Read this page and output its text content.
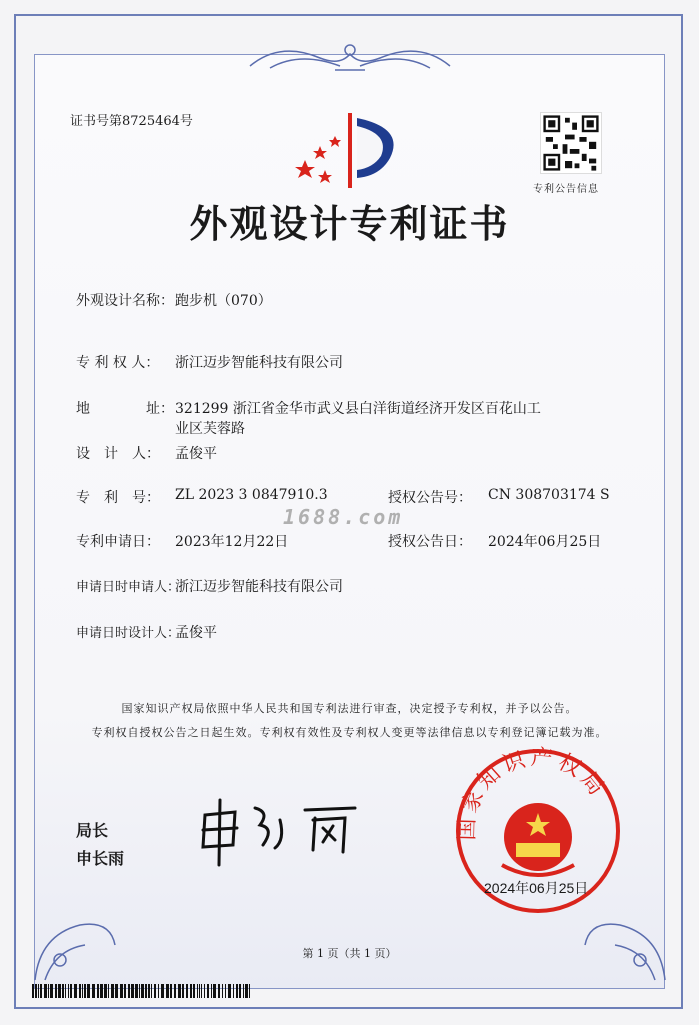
证书号第8725464号
专利公告信息
外观设计专利证书
外观设计名称： 跑步机（070）
专 利 权 人： 浙江迈步智能科技有限公司
地	址： 321299 浙江省金华市武义县白洋街道经济开发区百花山工
业区芙蓉路
设　计　人： 孟俊平
专　利　号： ZL 2023 3 0847910.3	授权公告号： CN 308703174 S
1688.com
专利申请日： 2023年12月22日	授权公告日： 2024年06月25日
申请日时申请人：
浙江迈步智能科技有限公司
申请日时设计人：
孟俊平
国家知识产权局依照中华人民共和国专利法进行审查，决定授予专利权，并予以公告。
专利权自授权公告之日起生效。专利权有效性及专利权人变更等法律信息以专利登记簿记载为准。
局长
申长雨
国家知识产权局
2024年06月25日
第 1 页（共 1 页）
